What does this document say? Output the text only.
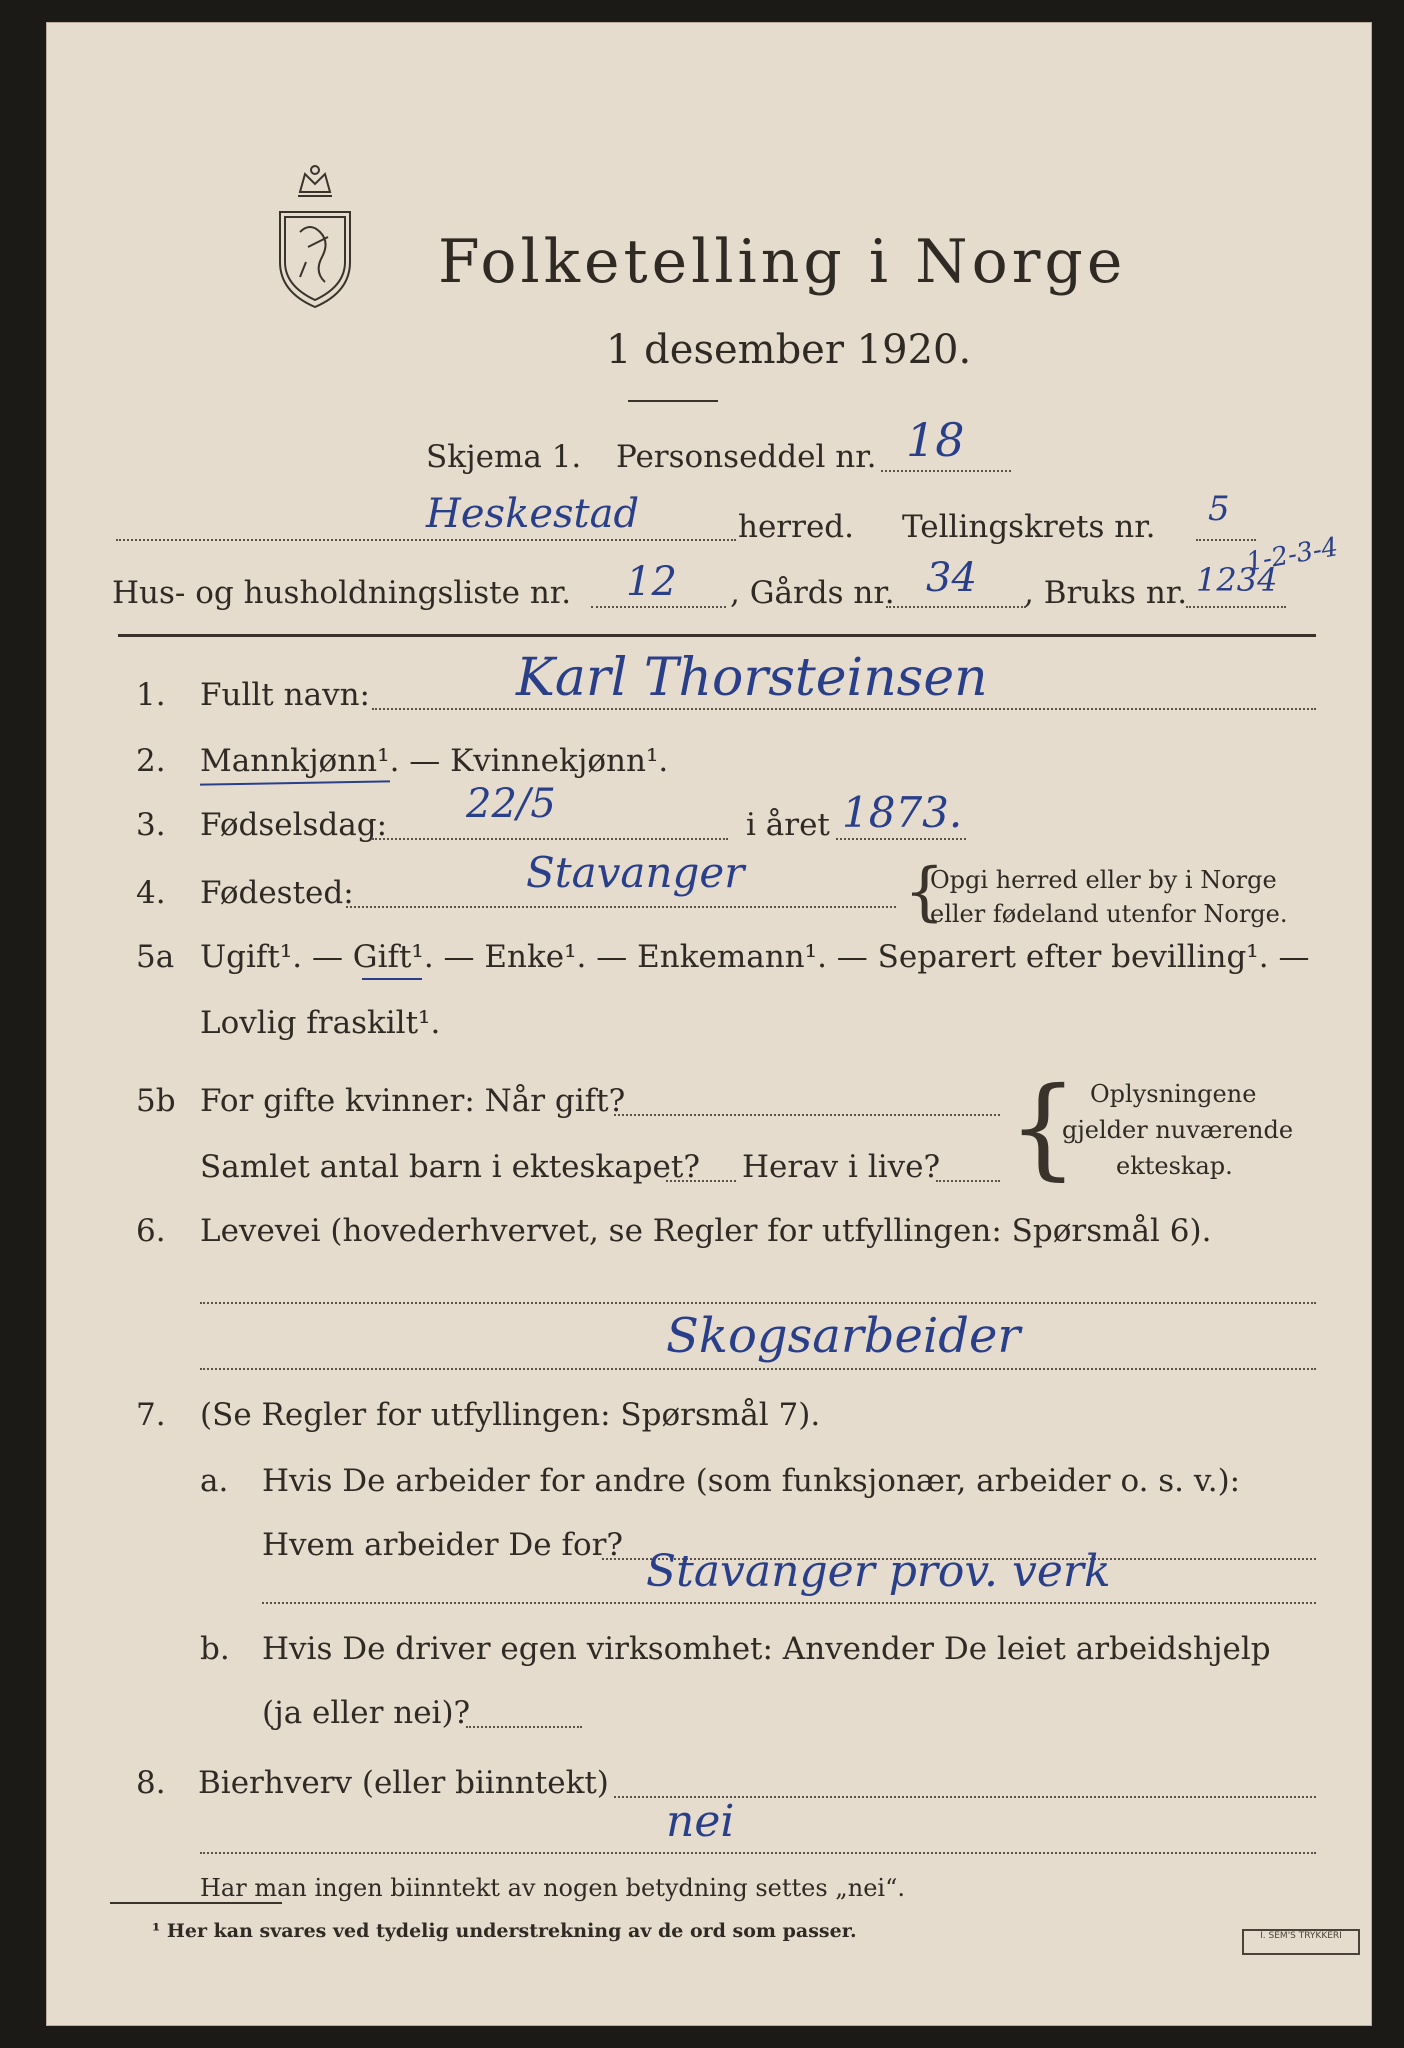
Folketelling i Norge
1 desember 1920.
Skjema 1. Personseddel nr. 18
Heskestad	herred. Tellingskrets nr. 5
1-2-3-4
Hus- og husholdningsliste nr. 12 , Gårds nr. 34 , Bruks nr. 1234
1. Fullt navn:	Karl Thorsteinsen
2. Mannkjønn¹. — Kvinnekjønn¹.
3. Fødselsdag: 22/5	i året 1873.
4. Fødested:	Stavanger {
Opgi herred eller by i Norge
eller fødeland utenfor Norge.
5a Ugift¹. — Gift¹. — Enke¹. — Enkemann¹. — Separert efter bevilling¹. —
Lovlig fraskilt¹.
5b For gifte kvinner: Når gift?
Samlet antal barn i ekteskapet? Herav i live? { Oplysningene
gjelder nuværende
ekteskap.
6. Levevei (hovederhvervet, se Regler for utfyllingen: Spørsmål 6).
Skogsarbeider
7. (Se Regler for utfyllingen: Spørsmål 7).
a. Hvis De arbeider for andre (som funksjonær, arbeider o. s. v.):
Hvem arbeider De for?
Stavanger prov. verk
b. Hvis De driver egen virksomhet: Anvender De leiet arbeidshjelp
(ja eller nei)?
8. Bierhverv (eller biinntekt)
nei
Har man ingen biinntekt av nogen betydning settes „nei“.
¹ Her kan svares ved tydelig understrekning av de ord som passer.	I. SEM'S TRYKKERI
